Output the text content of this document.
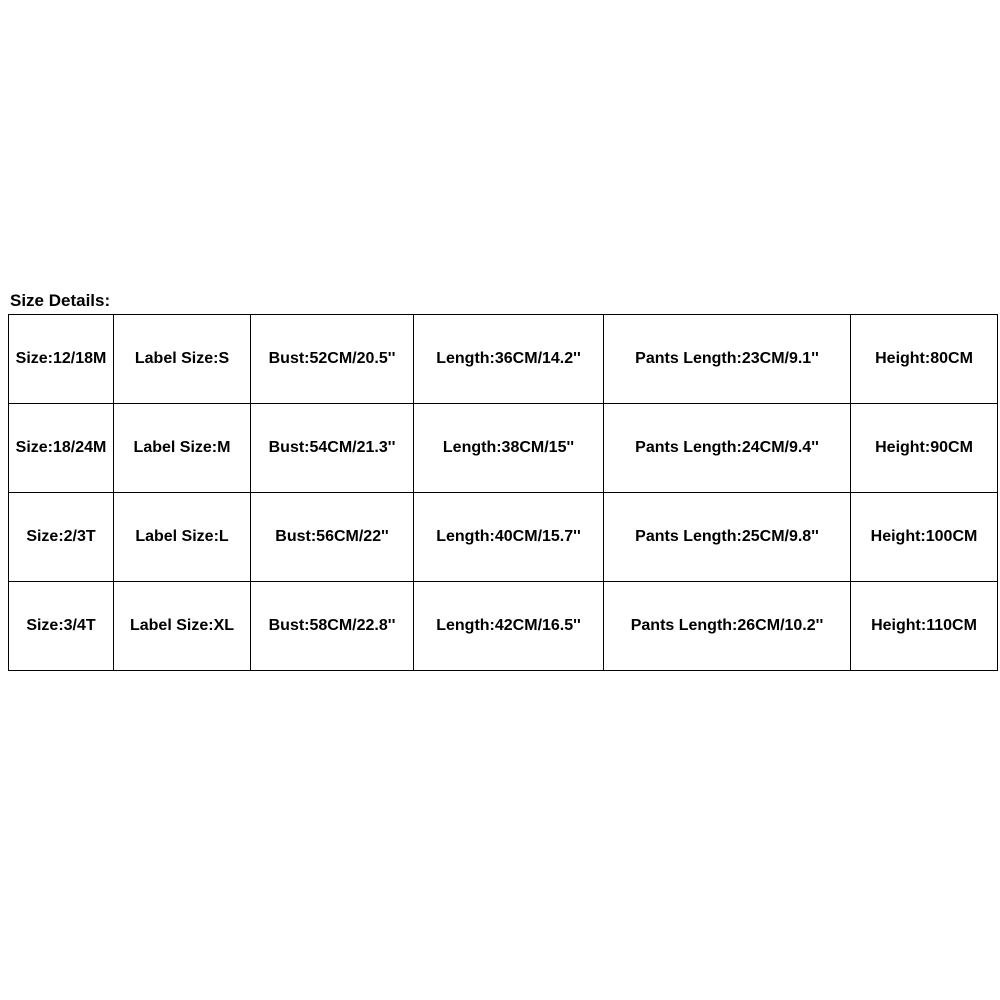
Size Details:
Size:12/18M	Label Size:S	Bust:52CM/20.5''	Length:36CM/14.2''	Pants Length:23CM/9.1''	Height:80CM
Size:18/24M	Label Size:M	Bust:54CM/21.3''	Length:38CM/15''	Pants Length:24CM/9.4''	Height:90CM
Size:2/3T	Label Size:L	Bust:56CM/22''	Length:40CM/15.7''	Pants Length:25CM/9.8''	Height:100CM
Size:3/4T	Label Size:XL	Bust:58CM/22.8''	Length:42CM/16.5''	Pants Length:26CM/10.2''	Height:110CM
